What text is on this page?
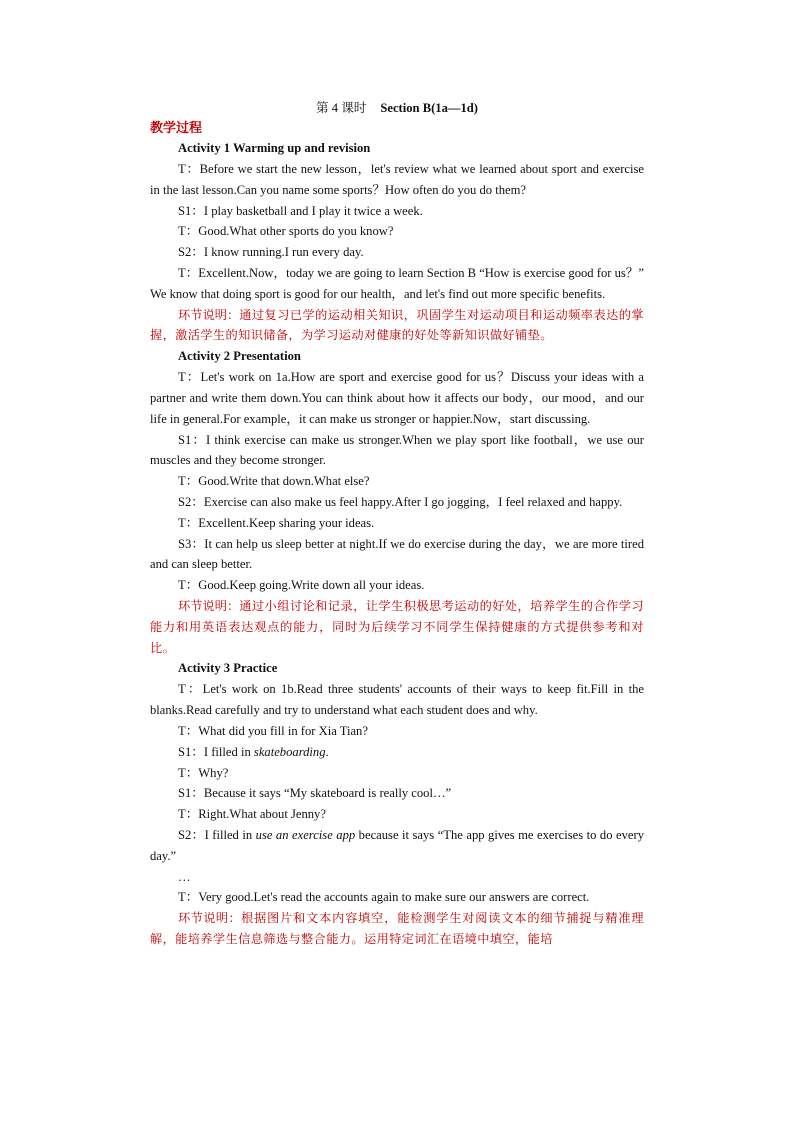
第 4 课时 Section B(1a—1d)
教学过程
Activity 1 Warming up and revision

T：Before we start the new lesson，let's review what we learned about sport and exercise in the last lesson.Can you name some sports？How often do you do them?

S1：I play basketball and I play it twice a week.

T：Good.What other sports do you know?

S2：I know running.I run every day.

T：Excellent.Now，today we are going to learn Section B “How is exercise good for us？” We know that doing sport is good for our health，and let's find out more specific benefits.

环节说明：通过复习已学的运动相关知识，巩固学生对运动项目和运动频率表达的掌握，激活学生的知识储备，为学习运动对健康的好处等新知识做好铺垫。

Activity 2 Presentation

T：Let's work on 1a.How are sport and exercise good for us？Discuss your ideas with a partner and write them down.You can think about how it affects our body，our mood，and our life in general.For example，it can make us stronger or happier.Now，start discussing.

S1：I think exercise can make us stronger.When we play sport like football，we use our muscles and they become stronger.

T：Good.Write that down.What else?

S2：Exercise can also make us feel happy.After I go jogging，I feel relaxed and happy.

T：Excellent.Keep sharing your ideas.

S3：It can help us sleep better at night.If we do exercise during the day，we are more tired and can sleep better.

T：Good.Keep going.Write down all your ideas.

环节说明：通过小组讨论和记录，让学生积极思考运动的好处，培养学生的合作学习能力和用英语表达观点的能力，同时为后续学习不同学生保持健康的方式提供参考和对比。

Activity 3 Practice

T：Let's work on 1b.Read three students' accounts of their ways to keep fit.Fill in the blanks.Read carefully and try to understand what each student does and why.

T：What did you fill in for Xia Tian?

S1：I filled in skateboarding.

T：Why?

S1：Because it says “My skateboard is really cool…”

T：Right.What about Jenny?

S2：I filled in use an exercise app because it says “The app gives me exercises to do every day.”

…

T：Very good.Let's read the accounts again to make sure our answers are correct.

环节说明：根据图片和文本内容填空，能检测学生对阅读文本的细节捕捉与精准理解，能培养学生信息筛选与整合能力。运用特定词汇在语境中填空，能培
